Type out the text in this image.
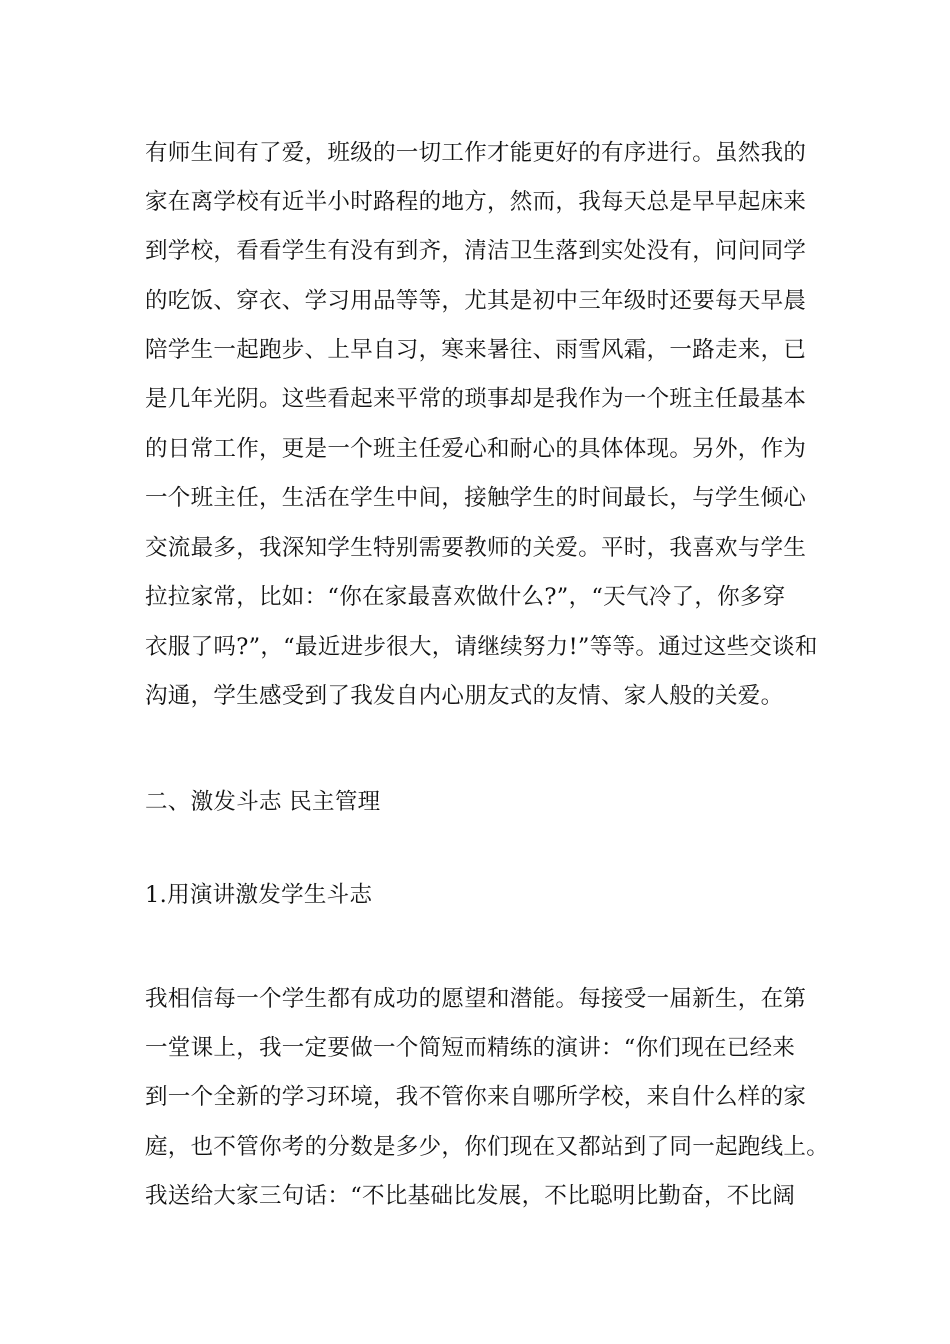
有师生间有了爱，班级的一切工作才能更好的有序进行。虽然我的
家在离学校有近半小时路程的地方，然而，我每天总是早早起床来
到学校，看看学生有没有到齐，清洁卫生落到实处没有，问问同学
的吃饭、穿衣、学习用品等等，尤其是初中三年级时还要每天早晨
陪学生一起跑步、上早自习，寒来暑往、雨雪风霜，一路走来，已
是几年光阴。这些看起来平常的琐事却是我作为一个班主任最基本
的日常工作，更是一个班主任爱心和耐心的具体体现。另外，作为
一个班主任，生活在学生中间，接触学生的时间最长，与学生倾心
交流最多，我深知学生特别需要教师的关爱。平时，我喜欢与学生
拉拉家常，比如：“你在家最喜欢做什么?”，“天气冷了，你多穿
衣服了吗?”，“最近进步很大，请继续努力!”等等。通过这些交谈和
沟通，学生感受到了我发自内心朋友式的友情、家人般的关爱。
二、激发斗志 民主管理
1.用演讲激发学生斗志
我相信每一个学生都有成功的愿望和潜能。每接受一届新生，在第
一堂课上，我一定要做一个简短而精练的演讲：“你们现在已经来
到一个全新的学习环境，我不管你来自哪所学校，来自什么样的家
庭，也不管你考的分数是多少，你们现在又都站到了同一起跑线上。
我送给大家三句话：“不比基础比发展，不比聪明比勤奋，不比阔
